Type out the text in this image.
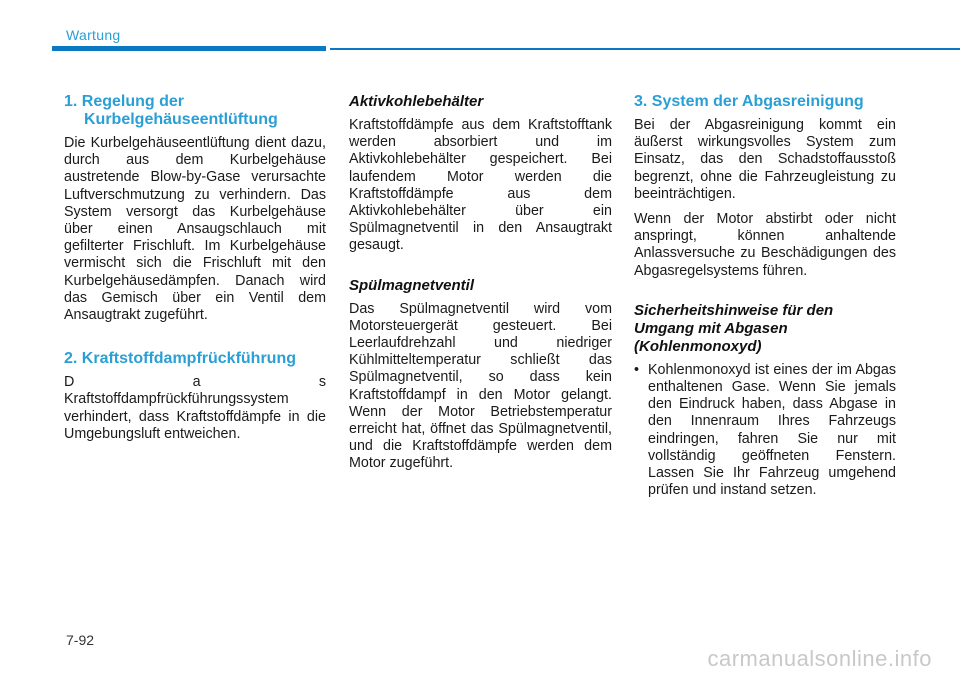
Wartung
1. Regelung der Kurbelgehäuseentlüftung

Die Kurbelgehäuseentlüftung dient dazu, durch aus dem Kurbelgehäuse austretende Blow-by-Gase verursachte Luftverschmutzung zu verhindern. Das System versorgt das Kurbelgehäuse über einen Ansaugschlauch mit gefilterter Frischluft. Im Kurbelgehäuse vermischt sich die Frischluft mit den Kurbelgehäusedämpfen. Danach wird das Gemisch über ein Ventil dem Ansaugtrakt zugeführt.

2. Kraftstoffdampfrückführung

D a s

Kraftstoffdampfrückführungssystem verhindert, dass Kraftstoffdämpfe in die Umgebungsluft entweichen.

Aktivkohlebehälter

Kraftstoffdämpfe aus dem Kraftstofftank werden absorbiert und im Aktivkohlebehälter gespeichert. Bei laufendem Motor werden die Kraftstoffdämpfe aus dem Aktivkohlebehälter über ein Spülmagnetventil in den Ansaugtrakt gesaugt.

Spülmagnetventil

Das Spülmagnetventil wird vom Motorsteuergerät gesteuert. Bei Leerlaufdrehzahl und niedriger Kühlmitteltemperatur schließt das Spülmagnetventil, so dass kein Kraftstoffdampf in den Motor gelangt. Wenn der Motor Betriebstemperatur erreicht hat, öffnet das Spülmagnetventil, und die Kraftstoffdämpfe werden dem Motor zugeführt.

3. System der Abgasreinigung

Bei der Abgasreinigung kommt ein äußerst wirkungsvolles System zum Einsatz, das den Schadstoffausstoß begrenzt, ohne die Fahrzeugleistung zu beeinträchtigen.

Wenn der Motor abstirbt oder nicht anspringt, können anhaltende Anlassversuche zu Beschädigungen des Abgasregelsystems führen.

Sicherheitshinweise für den Umgang mit Abgasen (Kohlenmonoxyd)
• Kohlenmonoxyd ist eines der im Abgas enthaltenen Gase. Wenn Sie jemals den Eindruck haben, dass Abgase in den Innenraum Ihres Fahrzeugs eindringen, fahren Sie nur mit vollständig geöffneten Fenstern. Lassen Sie Ihr Fahrzeug umgehend prüfen und instand setzen.
7-92
carmanualsonline.info
